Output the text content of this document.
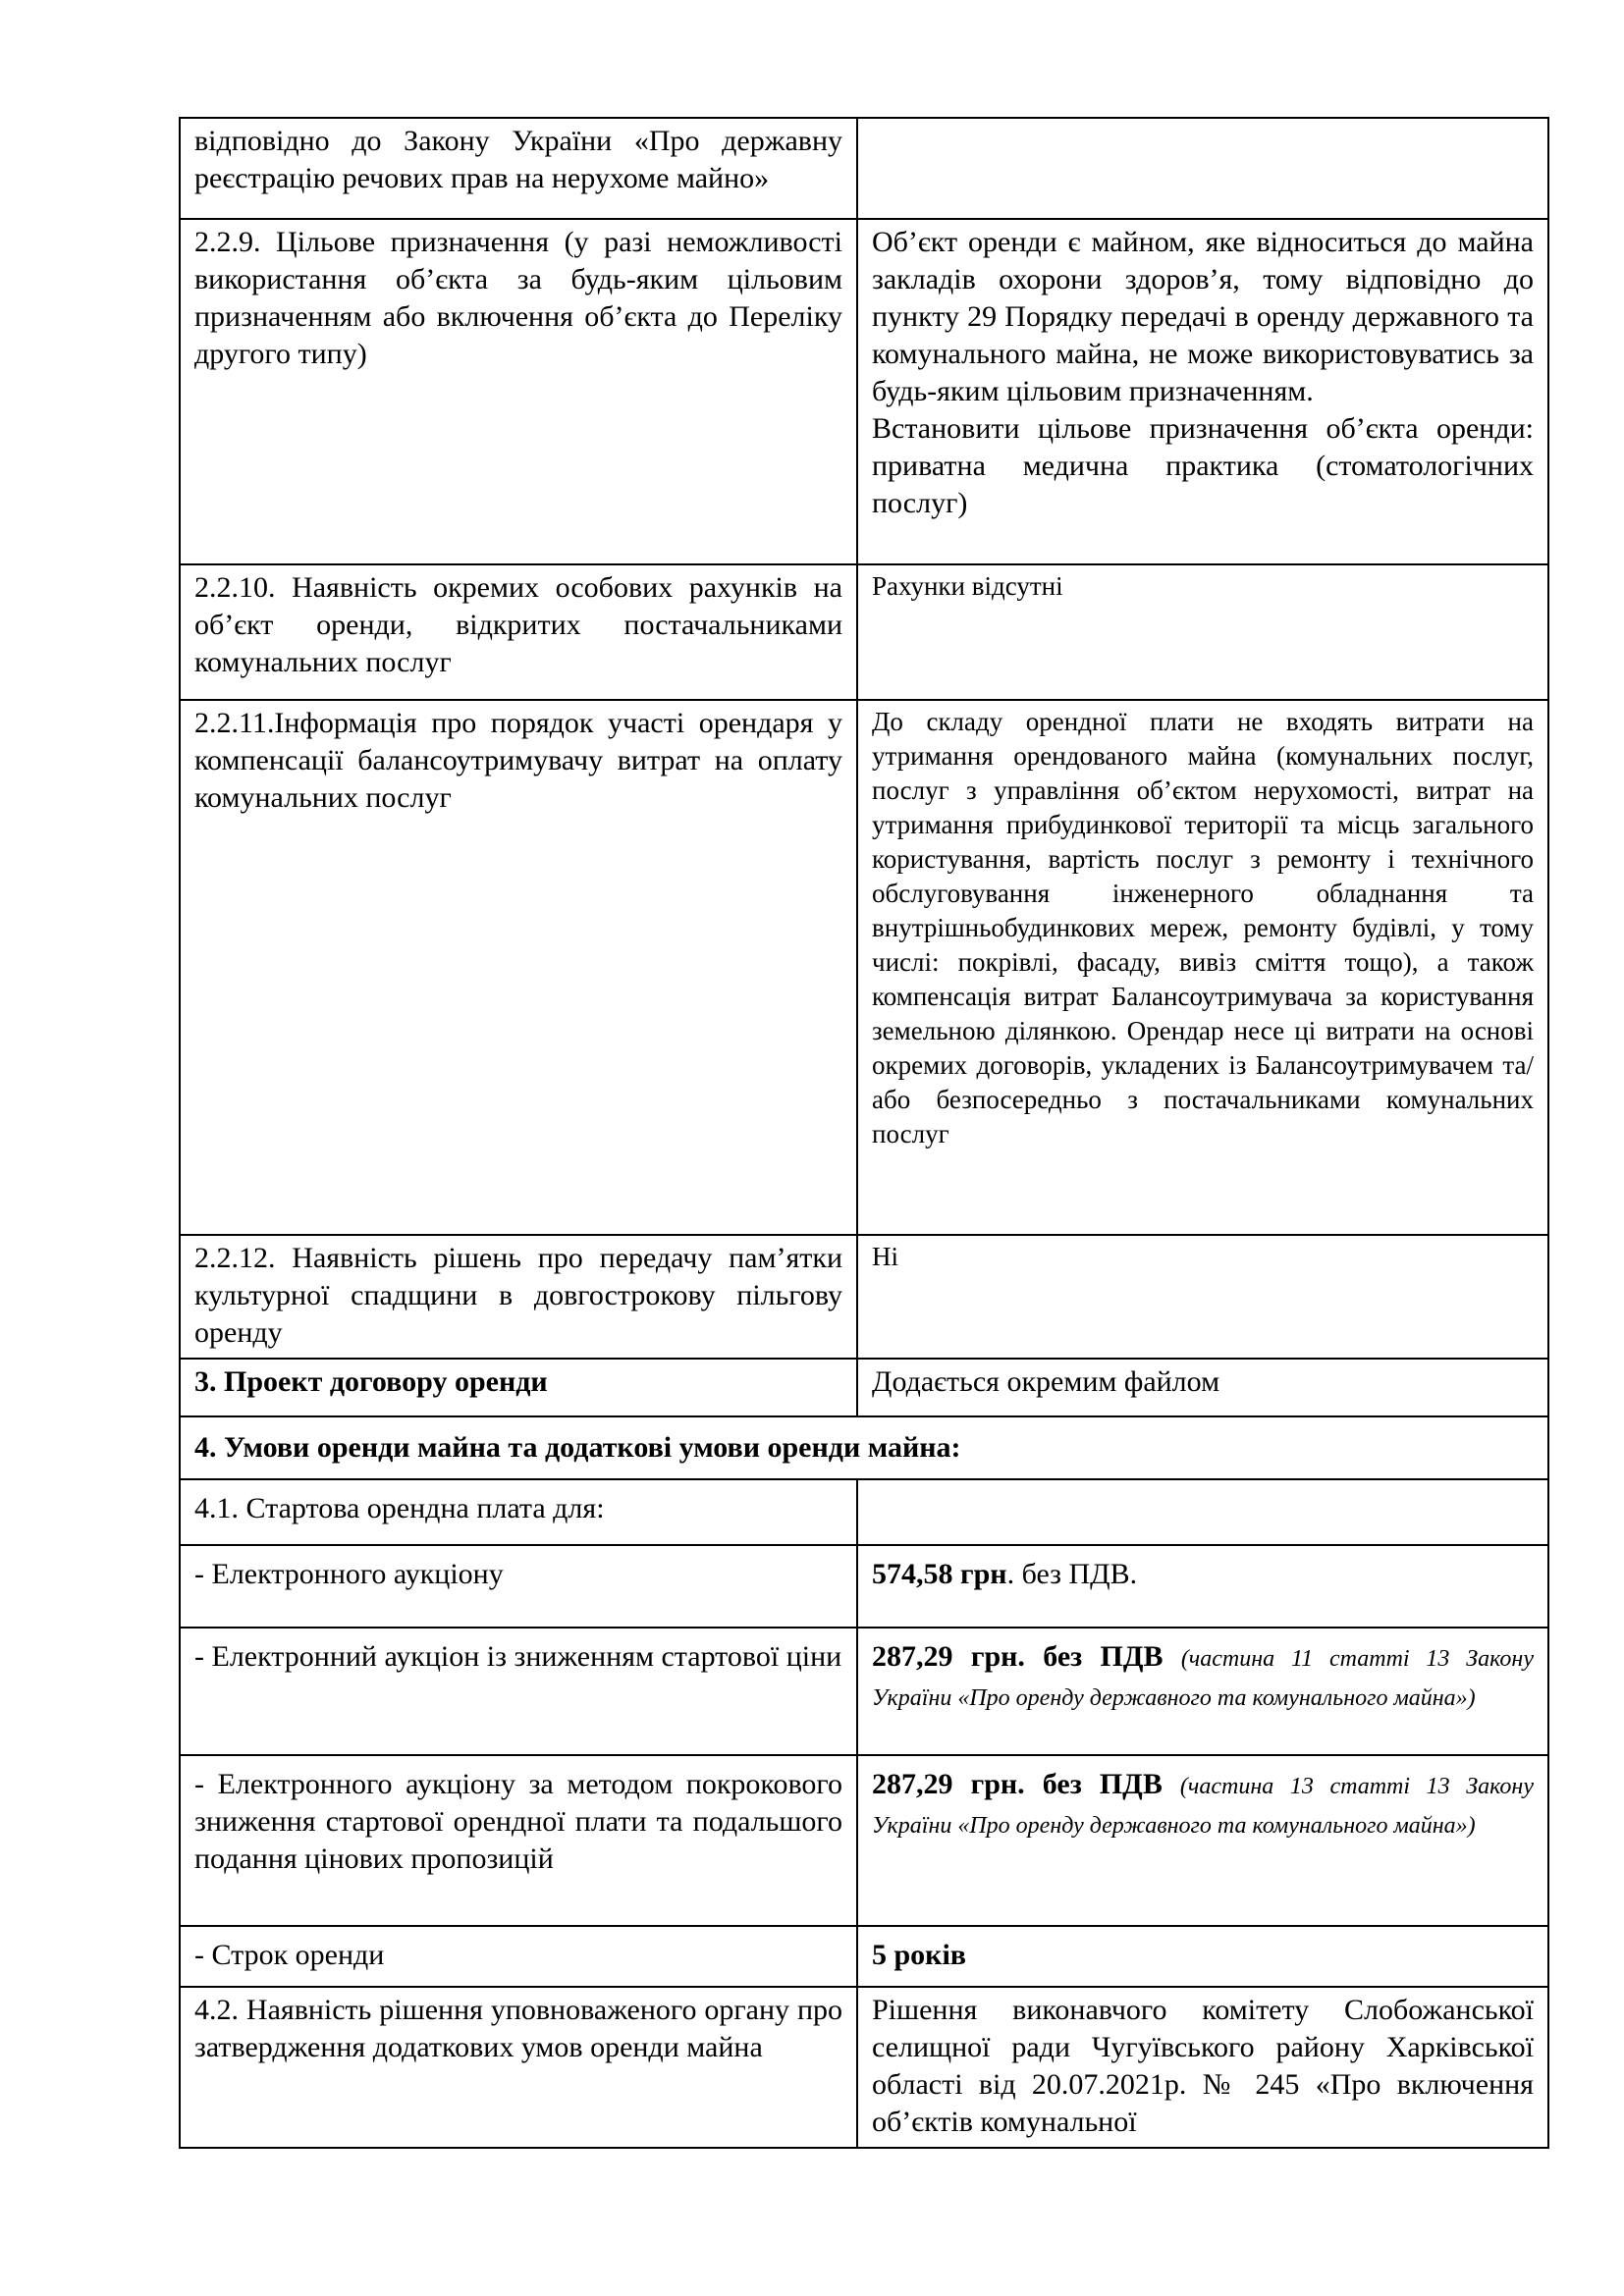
відповідно до Закону України «Про державну реєстрацію речових прав на нерухоме майно»	
2.2.9. Цільове призначення (у разі неможливості використання об’єкта за будь-яким цільовим призначенням або включення об’єкта до Переліку другого типу)	Об’єкт оренди є майном, яке відноситься до майна закладів охорони здоров’я, тому відповідно до пункту 29 Порядку передачі в оренду державного та комунального майна, не може використовуватись за будь-яким цільовим призначенням.

Встановити цільове призначення об’єкта оренди: приватна медична практика (стоматологічних послуг)

2.2.10. Наявність окремих особових рахунків на об’єкт оренди, відкритих постачальниками комунальних послуг	Рахунки відсутні
2.2.11.Інформація про порядок участі орендаря у компенсації балансоутримувачу витрат на оплату комунальних послуг	До складу орендної плати не входять витрати на утримання орендованого майна (комунальних послуг, послуг з управління об’єктом нерухомості, витрат на утримання прибудинкової території та місць загального користування, вартість послуг з ремонту і технічного обслуговування інженерного обладнання та внутрішньобудинкових мереж, ремонту будівлі, у тому числі: покрівлі, фасаду, вивіз сміття тощо), а також компенсація витрат Балансоутримувача за користування земельною ділянкою. Орендар несе ці витрати на основі окремих договорів, укладених із Балансоутримувачем та/або безпосередньо з постачальниками комунальних послуг
2.2.12. Наявність рішень про передачу пам’ятки культурної спадщини в довгострокову пільгову оренду	Ні
3. Проект договору оренди	Додається окремим файлом
4. Умови оренди майна та додаткові умови оренди майна:	
4.1. Стартова орендна плата для:	
- Електронного аукціону	574,58 грн. без ПДВ.

- Електронний аукціон із зниженням стартової ціни	287,29 грн. без ПДВ (частина 11 статті 13 Закону України «Про оренду державного та комунального майна»)
- Електронного аукціону за методом покрокового зниження стартової орендної плати та подальшого подання цінових пропозицій	287,29 грн. без ПДВ (частина 13 статті 13 Закону України «Про оренду державного та комунального майна»)
- Строк оренди	5 років
4.2. Наявність рішення уповноваженого органу про затвердження додаткових умов оренди майна	Рішення виконавчого комітету Слобожанської селищної ради Чугуївського району Харківської області від 20.07.2021р. № 245 «Про включення об’єктів комунальної
